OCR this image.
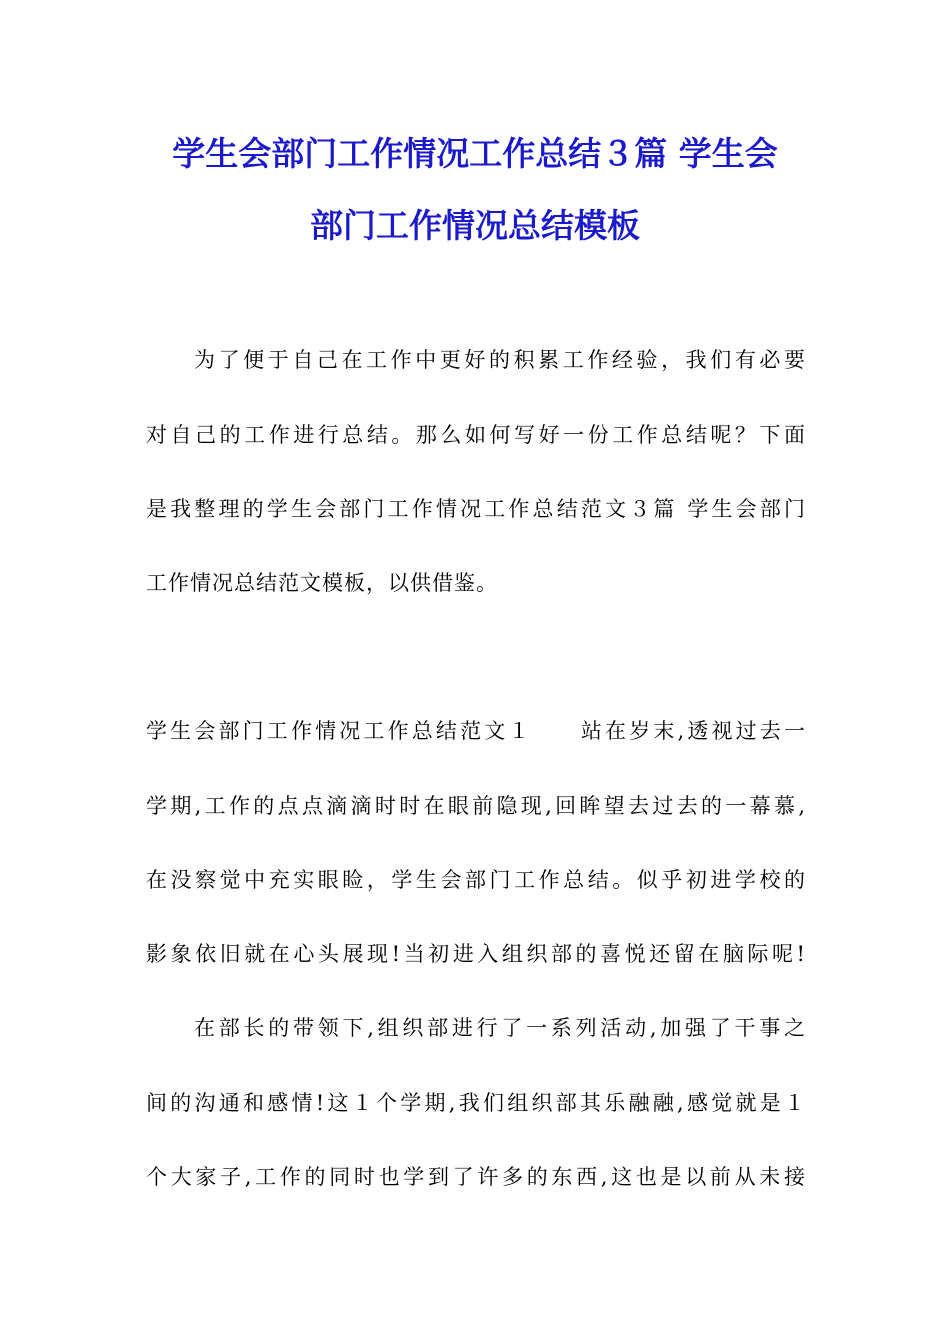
学生会部门工作情况工作总结３篇 学生会
部门工作情况总结模板

为了便于自己在工作中更好的积累工作经验，我们有必要

对自己的工作进行总结。那么如何写好一份工作总结呢？下面

是我整理的学生会部门工作情况工作总结范文３篇 学生会部门

工作情况总结范文模板，以供借鉴。

学生会部门工作情况工作总结范文１　　站在岁末,透视过去一

学期,工作的点点滴滴时时在眼前隐现,回眸望去过去的一幕慕,

在没察觉中充实眼睑，学生会部门工作总结。似乎初进学校的

影象依旧就在心头展现!当初进入组织部的喜悦还留在脑际呢!

在部长的带领下,组织部进行了一系列活动,加强了干事之

间的沟通和感情!这１个学期,我们组织部其乐融融,感觉就是１

个大家子,工作的同时也学到了许多的东西,这也是以前从未接
